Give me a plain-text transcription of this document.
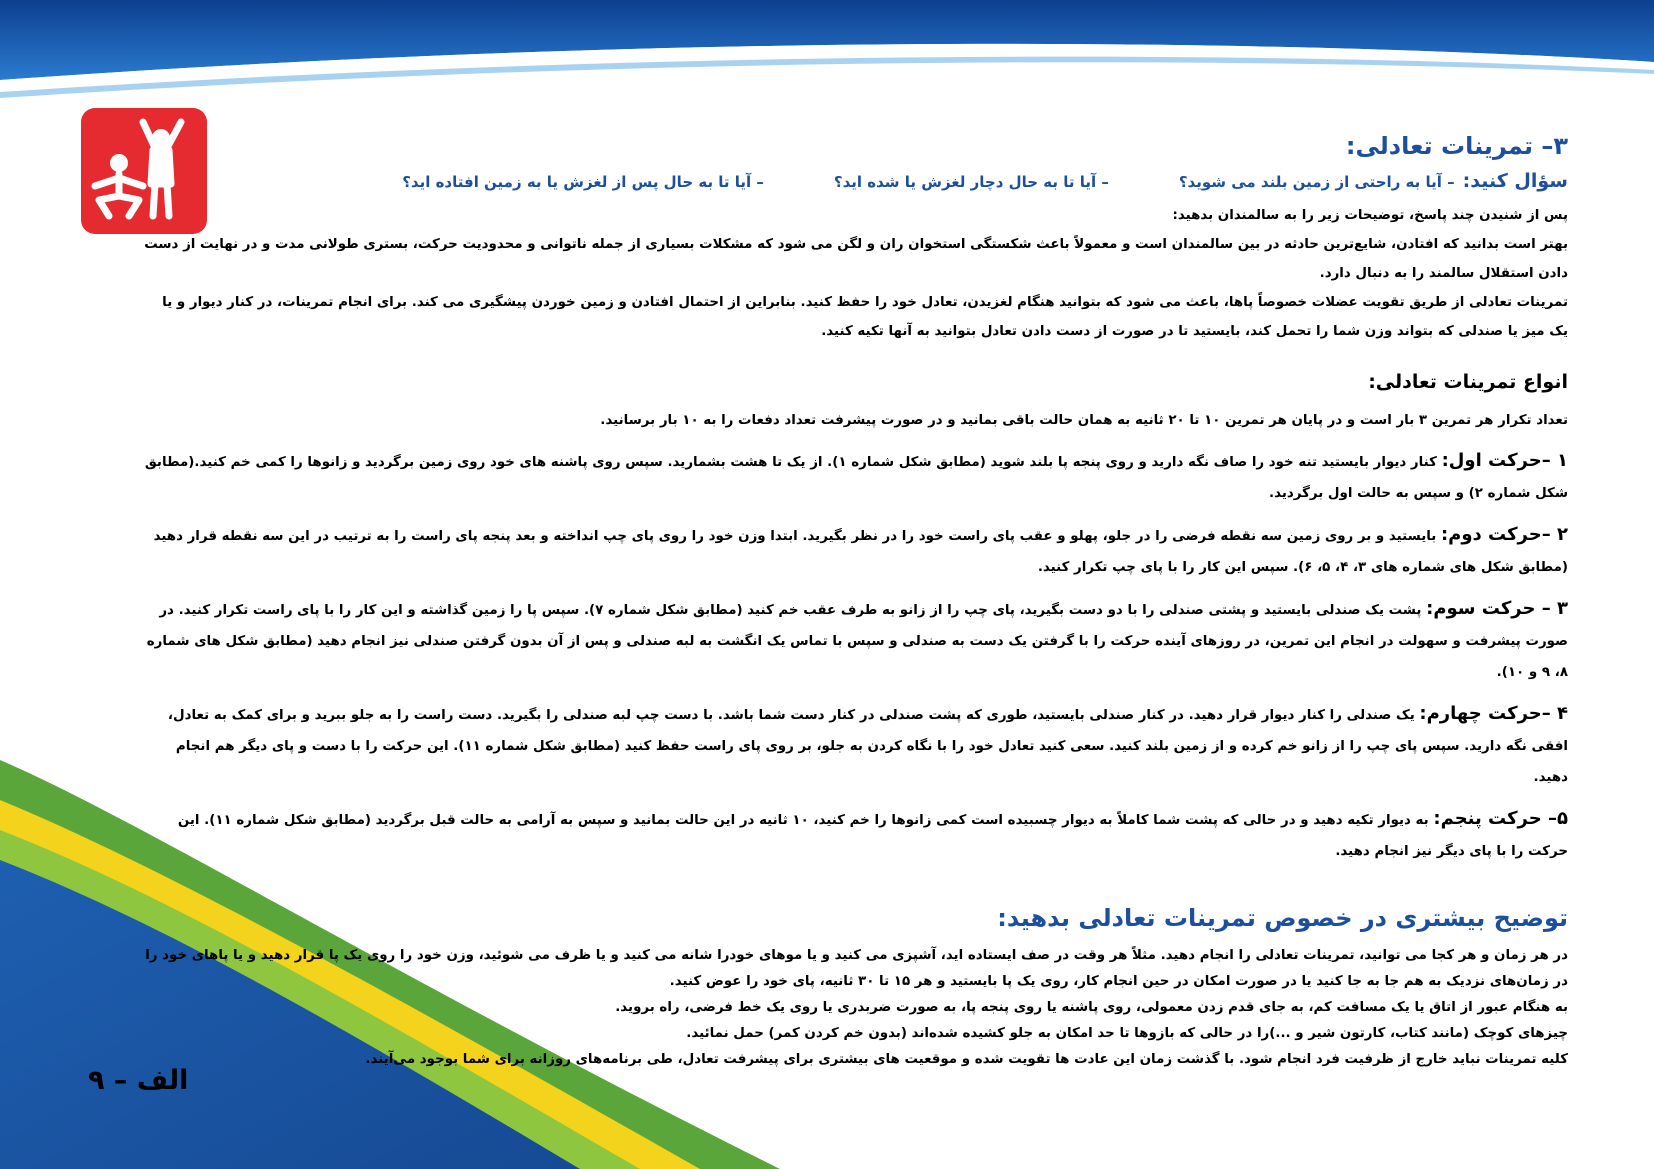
۳– تمرینات تعادلی:
سؤال کنید:
– آیا به راحتی از زمین بلند می شوید؟
– آیا تا به حال دچار لغزش یا شده اید؟
– آیا تا به حال پس از لغزش یا به زمین افتاده اید؟

پس از شنیدن چند پاسخ، توضیحات زیر را به سالمندان بدهید:

بهتر است بدانید که افتادن، شایع‌ترین حادثه در بین سالمندان است و معمولاً باعث شکستگی استخوان ران و لگن می شود که مشکلات بسیاری از جمله ناتوانی و محدودیت حرکت، بستری طولانی مدت و در نهایت از دست دادن استقلال سالمند را به دنبال دارد.

تمرینات تعادلی از طریق تقویت عضلات خصوصاً پاها، باعث می شود که بتوانید هنگام لغزیدن، تعادل خود را حفظ کنید. بنابراین از احتمال افتادن و زمین خوردن پیشگیری می کند. برای انجام تمرینات، در کنار دیوار و یا یک میز یا صندلی که بتواند وزن شما را تحمل کند، بایستید تا در صورت از دست دادن تعادل بتوانید به آنها تکیه کنید.

انواع تمرینات تعادلی:

تعداد تکرار هر تمرین ۳ بار است و در پایان هر تمرین ۱۰ تا ۲۰ ثانیه به همان حالت باقی بمانید و در صورت پیشرفت تعداد دفعات را به ۱۰ بار برسانید.

۱ –حرکت اول: کنار دیوار بایستید تنه خود را صاف نگه دارید و روی پنجه پا بلند شوید (مطابق شکل شماره ۱). از یک تا هشت بشمارید. سپس روی پاشنه های خود روی زمین برگردید و زانوها را کمی خم کنید.(مطابق شکل شماره ۲) و سپس به حالت اول برگردید.

۲ –حرکت دوم: بایستید و بر روی زمین سه نقطه فرضی را در جلو، پهلو و عقب پای راست خود را در نظر بگیرید. ابتدا وزن خود را روی پای چپ انداخته و بعد پنجه پای راست را به ترتیب در این سه نقطه قرار دهید (مطابق شکل های شماره های ۳، ۴، ۵، ۶). سپس این کار را با پای چپ تکرار کنید.

۳ – حرکت سوم: پشت یک صندلی بایستید و پشتی صندلی را با دو دست بگیرید، پای چپ را از زانو به طرف عقب خم کنید (مطابق شکل شماره ۷). سپس پا را زمین گذاشته و این کار را با پای راست تکرار کنید. در صورت پیشرفت و سهولت در انجام این تمرین، در روزهای آینده حرکت را با گرفتن یک دست به صندلی و سپس با تماس یک انگشت به لبه صندلی و پس از آن بدون گرفتن صندلی نیز انجام دهید (مطابق شکل های شماره ۸، ۹ و ۱۰).

۴ –حرکت چهارم: یک صندلی را کنار دیوار قرار دهید. در کنار صندلی بایستید، طوری که پشت صندلی در کنار دست شما باشد. با دست چپ لبه صندلی را بگیرید. دست راست را به جلو ببرید و برای کمک به تعادل، افقی نگه دارید. سپس پای چپ را از زانو خم کرده و از زمین بلند کنید. سعی کنید تعادل خود را با نگاه کردن به جلو، بر روی پای راست حفظ کنید (مطابق شکل شماره ۱۱). این حرکت را با دست و پای دیگر هم انجام دهید.

۵– حرکت پنجم: به دیوار تکیه دهید و در حالی که پشت شما کاملاً به دیوار چسبیده است کمی زانوها را خم کنید، ۱۰ ثانیه در این حالت بمانید و سپس به آرامی به حالت قبل برگردید (مطابق شکل شماره ۱۱). این حرکت را با پای دیگر نیز انجام دهید.

توضیح بیشتری در خصوص تمرینات تعادلی بدهید:

در هر زمان و هر کجا می توانید، تمرینات تعادلی را انجام دهید. مثلاً هر وقت در صف ایستاده اید، آشپزی می کنید و یا موهای خودرا شانه می کنید و یا ظرف می شوئید، وزن خود را روی یک پا قرار دهید و یا پاهای خود را در زمان‌های نزدیک به هم جا به جا کنید یا در صورت امکان در حین انجام کار، روی یک پا بایستید و هر ۱۵ تا ۳۰ ثانیه، پای خود را عوض کنید.

به هنگام عبور از اتاق یا یک مسافت کم، به جای قدم زدن معمولی، روی پاشنه یا روی پنجه پا، به صورت ضربدری یا روی یک خط فرضی، راه بروید.

چیزهای کوچک (مانند کتاب، کارتون شیر و ...)را در حالی که بازوها تا حد امکان به جلو کشیده شده‌اند (بدون خم کردن کمر) حمل نمائید.

کلیه تمرینات نباید خارج از ظرفیت فرد انجام شود. با گذشت زمان این عادت ها تقویت شده و موقعیت های بیشتری برای پیشرفت تعادل، طی برنامه‌های روزانه برای شما بوجود می‌آیند.

الف – ۹
